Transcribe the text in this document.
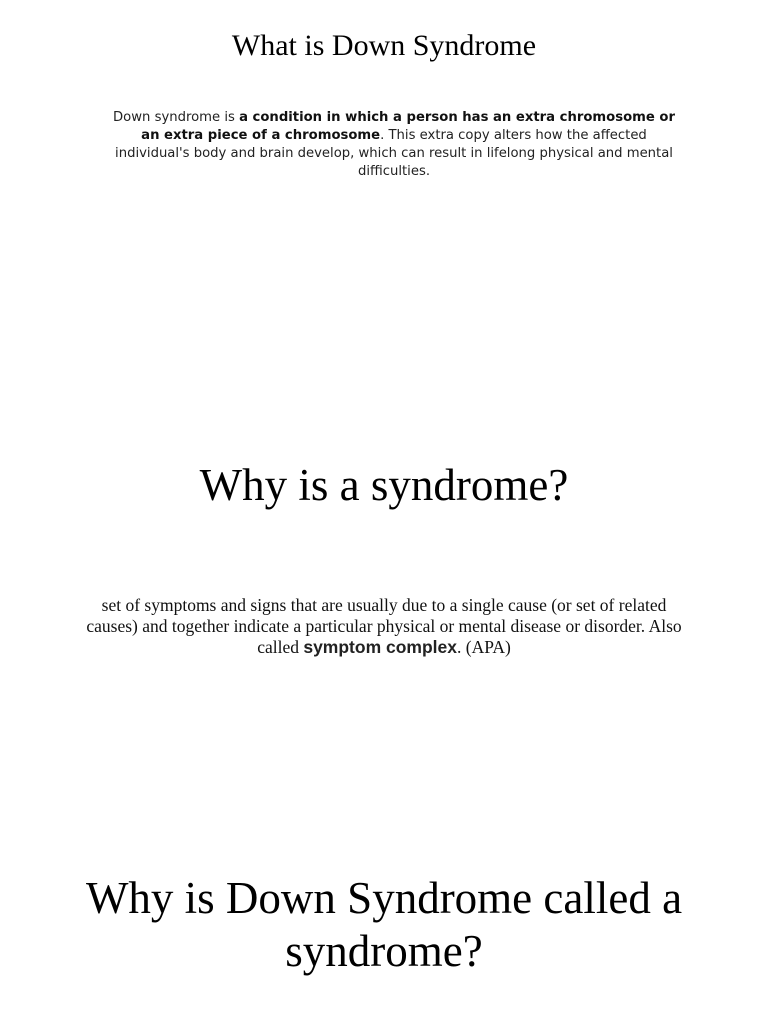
What is Down Syndrome
Down syndrome is a condition in which a person has an extra chromosome or an extra piece of a chromosome. This extra copy alters how the affected individual's body and brain develop, which can result in lifelong physical and mental difficulties.
Why is a syndrome?
set of symptoms and signs that are usually due to a single cause (or set of related causes) and together indicate a particular physical or mental disease or disorder. Also called symptom complex. (APA)
Why is Down Syndrome called a syndrome?
